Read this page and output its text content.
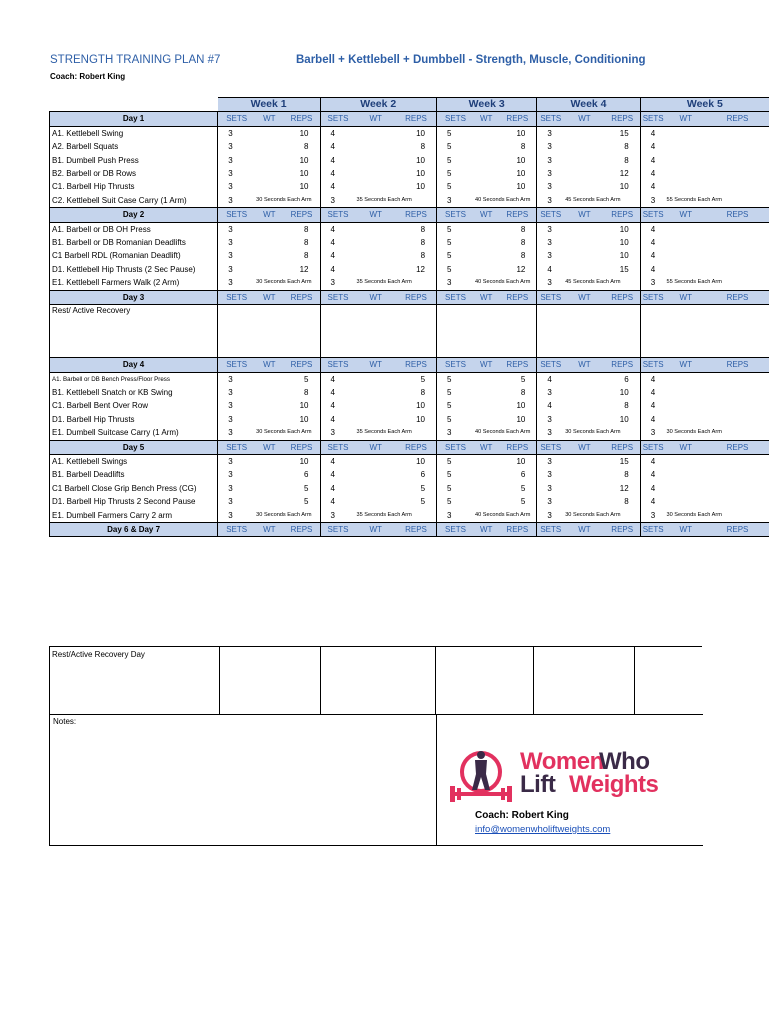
STRENGTH TRAINING PLAN #7	Barbell + Kettlebell + Dumbbell - Strength, Muscle, Conditioning
Coach: Robert King
	Week 1			Week 2			Week 3			Week 4			Week 5		
Day 1	SETS	WT	REPS	SETS	WT	REPS	SETS	WT	REPS	SETS	WT	REPS	SETS	WT	REPS
A1. Kettlebell Swing	3		10	4		10	5		10	3		15	4		
A2. Barbell Squats	3		8	4		8	5		8	3		8	4		
B1. Dumbell Push Press	3		10	4		10	5		10	3		8	4		
B2. Barbell or DB Rows	3		10	4		10	5		10	3		12	4		
C1. Barbell Hip Thrusts	3		10	4		10	5		10	3		10	4		
C2. Kettlebell Suit Case Carry (1 Arm)	3	30 Seconds Each Arm		3	35 Seconds Each Arm		3	40 Seconds Each Arm		3	45 Seconds Each Arm		3	55 Seconds Each Arm	
Day 2	SETS	WT	REPS	SETS	WT	REPS	SETS	WT	REPS	SETS	WT	REPS	SETS	WT	REPS
A1. Barbell or DB OH Press	3		8	4		8	5		8	3		10	4		
B1. Barbell or DB Romanian Deadlifts	3		8	4		8	5		8	3		10	4		
C1 Barbell RDL (Romanian Deadlift)	3		8	4		8	5		8	3		10	4		
D1. Kettlebell Hip Thrusts (2 Sec Pause)	3		12	4		12	5		12	4		15	4		
E1. Kettlebell Farmers Walk (2 Arm)	3	30 Seconds Each Arm		3	35 Seconds Each Arm		3	40 Seconds Each Arm		3	45 Seconds Each Arm		3	55 Seconds Each Arm	
Day 3	SETS	WT	REPS	SETS	WT	REPS	SETS	WT	REPS	SETS	WT	REPS	SETS	WT	REPS
Rest/ Active Recovery															
Day 4	SETS	WT	REPS	SETS	WT	REPS	SETS	WT	REPS	SETS	WT	REPS	SETS	WT	REPS
A1. Barbell or DB Bench Press/Floor Press	3		5	4		5	5		5	4		6	4		
B1. Kettlebell Snatch or KB Swing	3		8	4		8	5		8	3		10	4		
C1. Barbell Bent Over Row	3		10	4		10	5		10	4		8	4		
D1. Barbell Hip Thrusts	3		10	4		10	5		10	3		10	4		
E1. Dumbell Suitcase Carry (1 Arm)	3	30 Seconds Each Arm		3	35 Seconds Each Arm		3	40 Seconds Each Arm		3	30 Seconds Each Arm		3	30 Seconds Each Arm	
Day 5	SETS	WT	REPS	SETS	WT	REPS	SETS	WT	REPS	SETS	WT	REPS	SETS	WT	REPS
A1. Kettlebell Swings	3		10	4		10	5		10	3		15	4		
B1. Barbell Deadlifts	3		6	4		6	5		6	3		8	4		
C1 Barbell Close Grip Bench Press (CG)	3		5	4		5	5		5	3		12	4		
D1. Barbell Hip Thrusts 2 Second Pause	3		5	4		5	5		5	3		8	4		
E1. Dumbell Farmers Carry 2 arm	3	30 Seconds Each Arm		3	35 Seconds Each Arm		3	40 Seconds Each Arm		3	30 Seconds Each Arm		3	30 Seconds Each Arm	
Day 6 & Day 7	SETS	WT	REPS	SETS	WT	REPS	SETS	WT	REPS	SETS	WT	REPS	SETS	WT	REPS
Rest/Active Recovery Day
Notes:
Women
Who
Lift Weights
Coach: Robert King
info@womenwholiftweights.com
